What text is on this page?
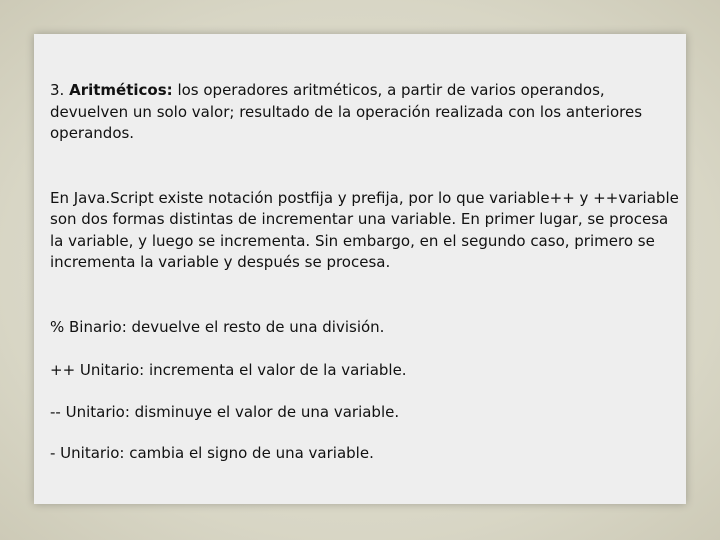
3. Aritméticos: los operadores aritméticos, a partir de varios operandos, devuelven un solo valor; resultado de la operación realizada con los anteriores operandos.

En Java.Script existe notación postfija y prefija, por lo que variable++ y ++variable son dos formas distintas de incrementar una variable. En primer lugar, se procesa la variable, y luego se incrementa. Sin embargo, en el segundo caso, primero se incrementa la variable y después se procesa.

% Binario: devuelve el resto de una división.

++ Unitario: incrementa el valor de la variable.

-- Unitario: disminuye el valor de una variable.

- Unitario: cambia el signo de una variable.
